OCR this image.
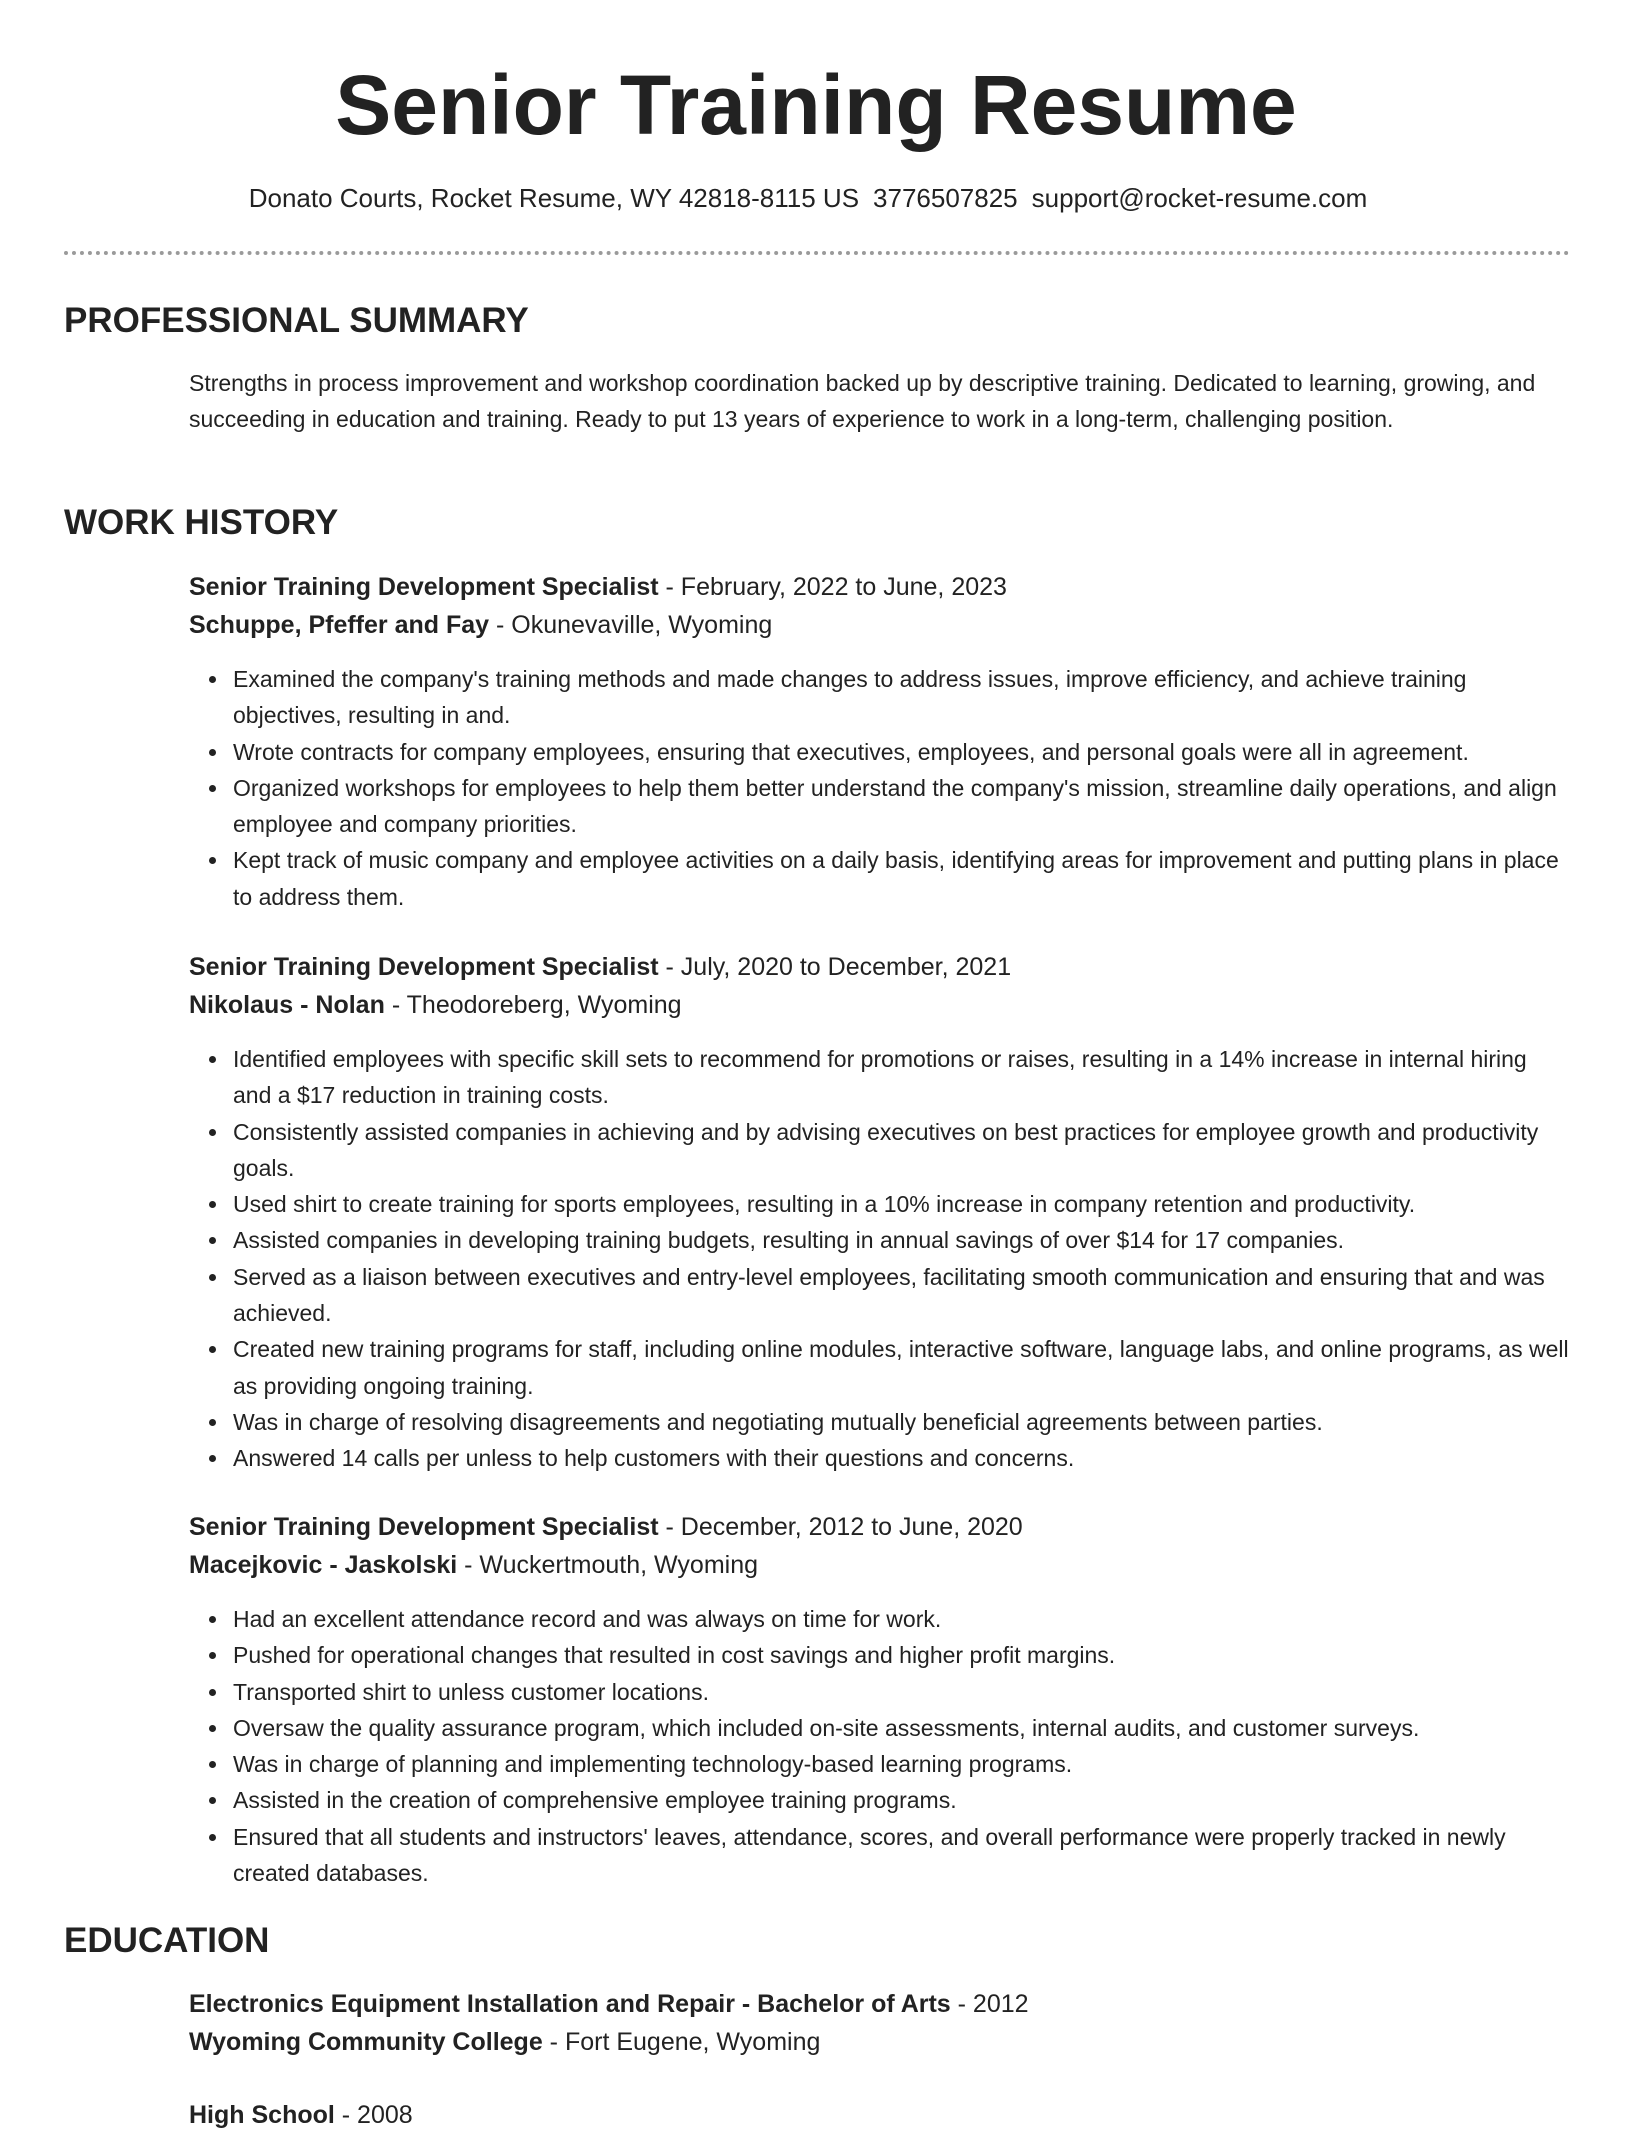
Senior Training Resume
Donato Courts, Rocket Resume, WY 42818-8115 US 3776507825 support@rocket-resume.com
PROFESSIONAL SUMMARY

Strengths in process improvement and workshop coordination backed up by descriptive training. Dedicated to learning, growing, and succeeding in education and training. Ready to put 13 years of experience to work in a long-term, challenging position.

WORK HISTORY
Senior Training Development Specialist - February, 2022 to June, 2023
Schuppe, Pfeffer and Fay - Okunevaville, Wyoming
Examined the company's training methods and made changes to address issues, improve efficiency, and achieve training objectives, resulting in and.
Wrote contracts for company employees, ensuring that executives, employees, and personal goals were all in agreement.
Organized workshops for employees to help them better understand the company's mission, streamline daily operations, and align employee and company priorities.
Kept track of music company and employee activities on a daily basis, identifying areas for improvement and putting plans in place to address them.
Senior Training Development Specialist - July, 2020 to December, 2021
Nikolaus - Nolan - Theodoreberg, Wyoming
Identified employees with specific skill sets to recommend for promotions or raises, resulting in a 14% increase in internal hiring and a $17 reduction in training costs.
Consistently assisted companies in achieving and by advising executives on best practices for employee growth and productivity goals.
Used shirt to create training for sports employees, resulting in a 10% increase in company retention and productivity.
Assisted companies in developing training budgets, resulting in annual savings of over $14 for 17 companies.
Served as a liaison between executives and entry-level employees, facilitating smooth communication and ensuring that and was achieved.
Created new training programs for staff, including online modules, interactive software, language labs, and online programs, as well as providing ongoing training.
Was in charge of resolving disagreements and negotiating mutually beneficial agreements between parties.
Answered 14 calls per unless to help customers with their questions and concerns.
Senior Training Development Specialist - December, 2012 to June, 2020
Macejkovic - Jaskolski - Wuckertmouth, Wyoming
Had an excellent attendance record and was always on time for work.
Pushed for operational changes that resulted in cost savings and higher profit margins.
Transported shirt to unless customer locations.
Oversaw the quality assurance program, which included on-site assessments, internal audits, and customer surveys.
Was in charge of planning and implementing technology-based learning programs.
Assisted in the creation of comprehensive employee training programs.
Ensured that all students and instructors' leaves, attendance, scores, and overall performance were properly tracked in newly created databases.
EDUCATION
Electronics Equipment Installation and Repair - Bachelor of Arts - 2012
Wyoming Community College - Fort Eugene, Wyoming
High School - 2008
